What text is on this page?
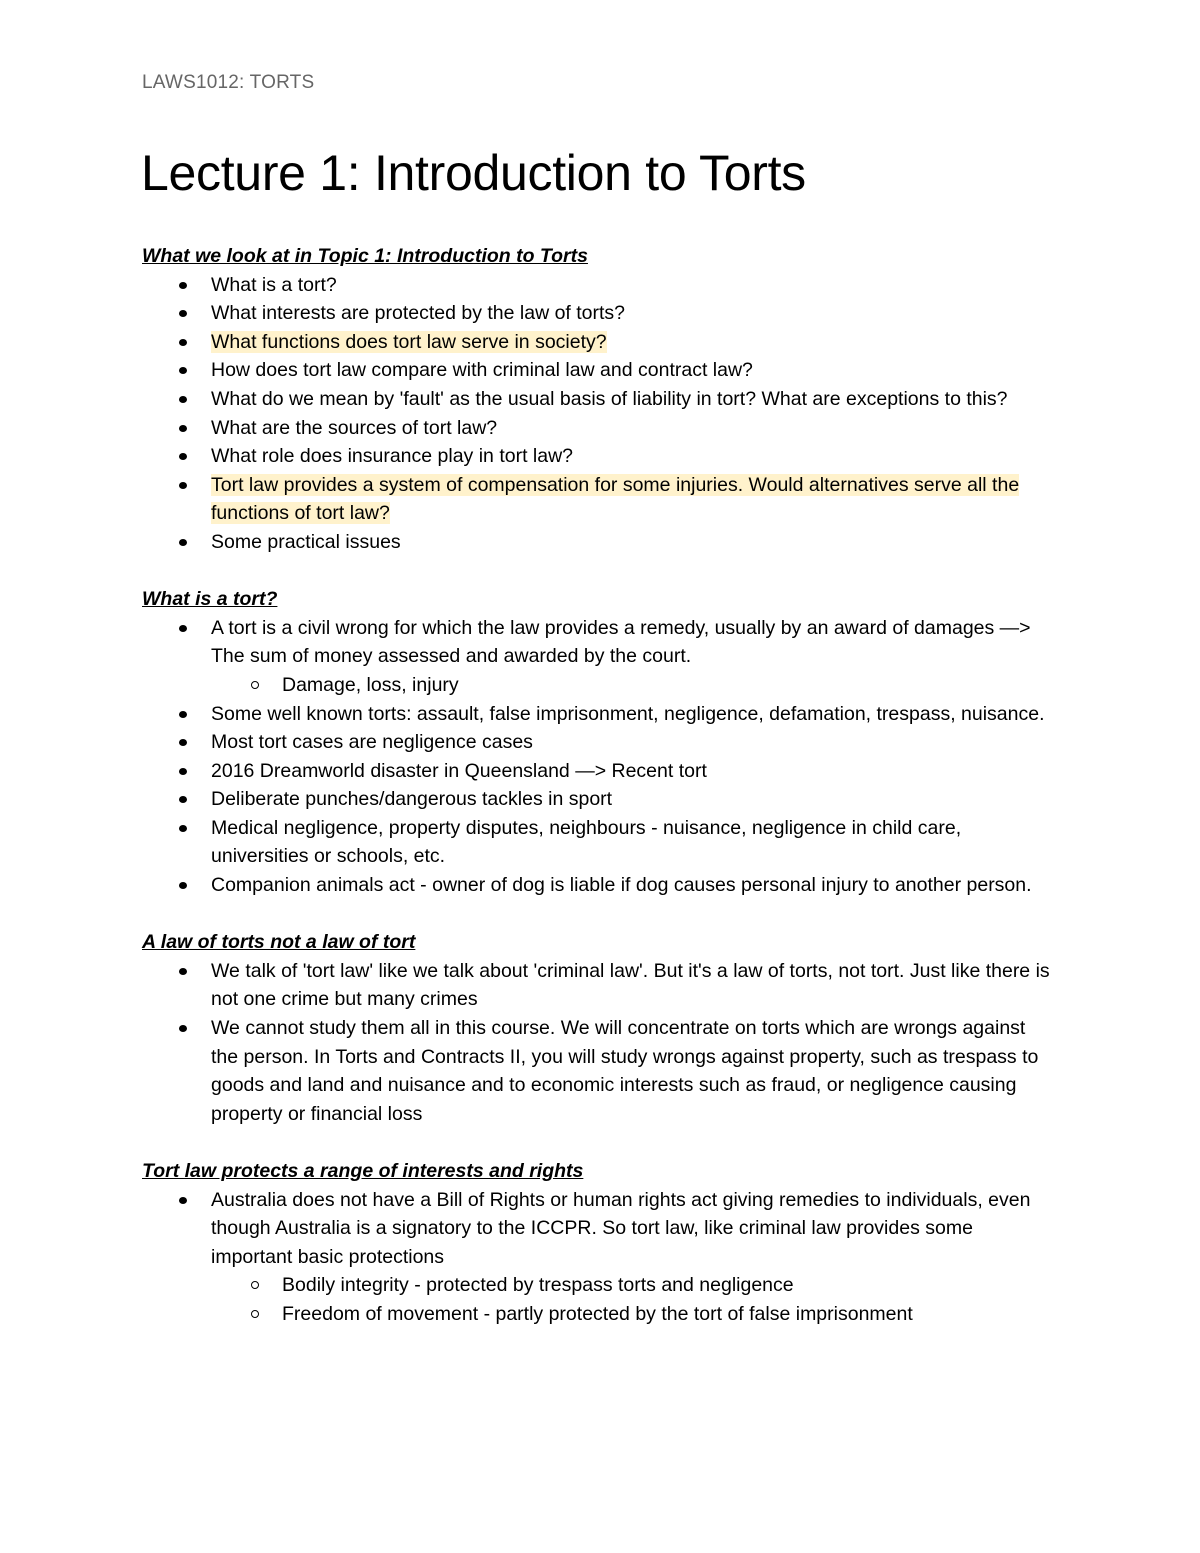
LAWS1012: TORTS
Lecture 1: Introduction to Torts
What we look at in Topic 1: Introduction to Torts
What is a tort?
What interests are protected by the law of torts?
What functions does tort law serve in society?
How does tort law compare with criminal law and contract law?
What do we mean by 'fault' as the usual basis of liability in tort? What are exceptions to this?
What are the sources of tort law?
What role does insurance play in tort law?
Tort law provides a system of compensation for some injuries. Would alternatives serve all the functions of tort law?
Some practical issues
What is a tort?
A tort is a civil wrong for which the law provides a remedy, usually by an award of damages —> The sum of money assessed and awarded by the court.
Damage, loss, injury
Some well known torts: assault, false imprisonment, negligence, defamation, trespass, nuisance.
Most tort cases are negligence cases
2016 Dreamworld disaster in Queensland —> Recent tort
Deliberate punches/dangerous tackles in sport
Medical negligence, property disputes, neighbours - nuisance, negligence in child care, universities or schools, etc.
Companion animals act - owner of dog is liable if dog causes personal injury to another person.
A law of torts not a law of tort
We talk of 'tort law' like we talk about 'criminal law'. But it's a law of torts, not tort. Just like there is not one crime but many crimes
We cannot study them all in this course. We will concentrate on torts which are wrongs against the person. In Torts and Contracts II, you will study wrongs against property, such as trespass to goods and land and nuisance and to economic interests such as fraud, or negligence causing property or financial loss
Tort law protects a range of interests and rights
Australia does not have a Bill of Rights or human rights act giving remedies to individuals, even though Australia is a signatory to the ICCPR. So tort law, like criminal law provides some important basic protections
Bodily integrity - protected by trespass torts and negligence
Freedom of movement - partly protected by the tort of false imprisonment
